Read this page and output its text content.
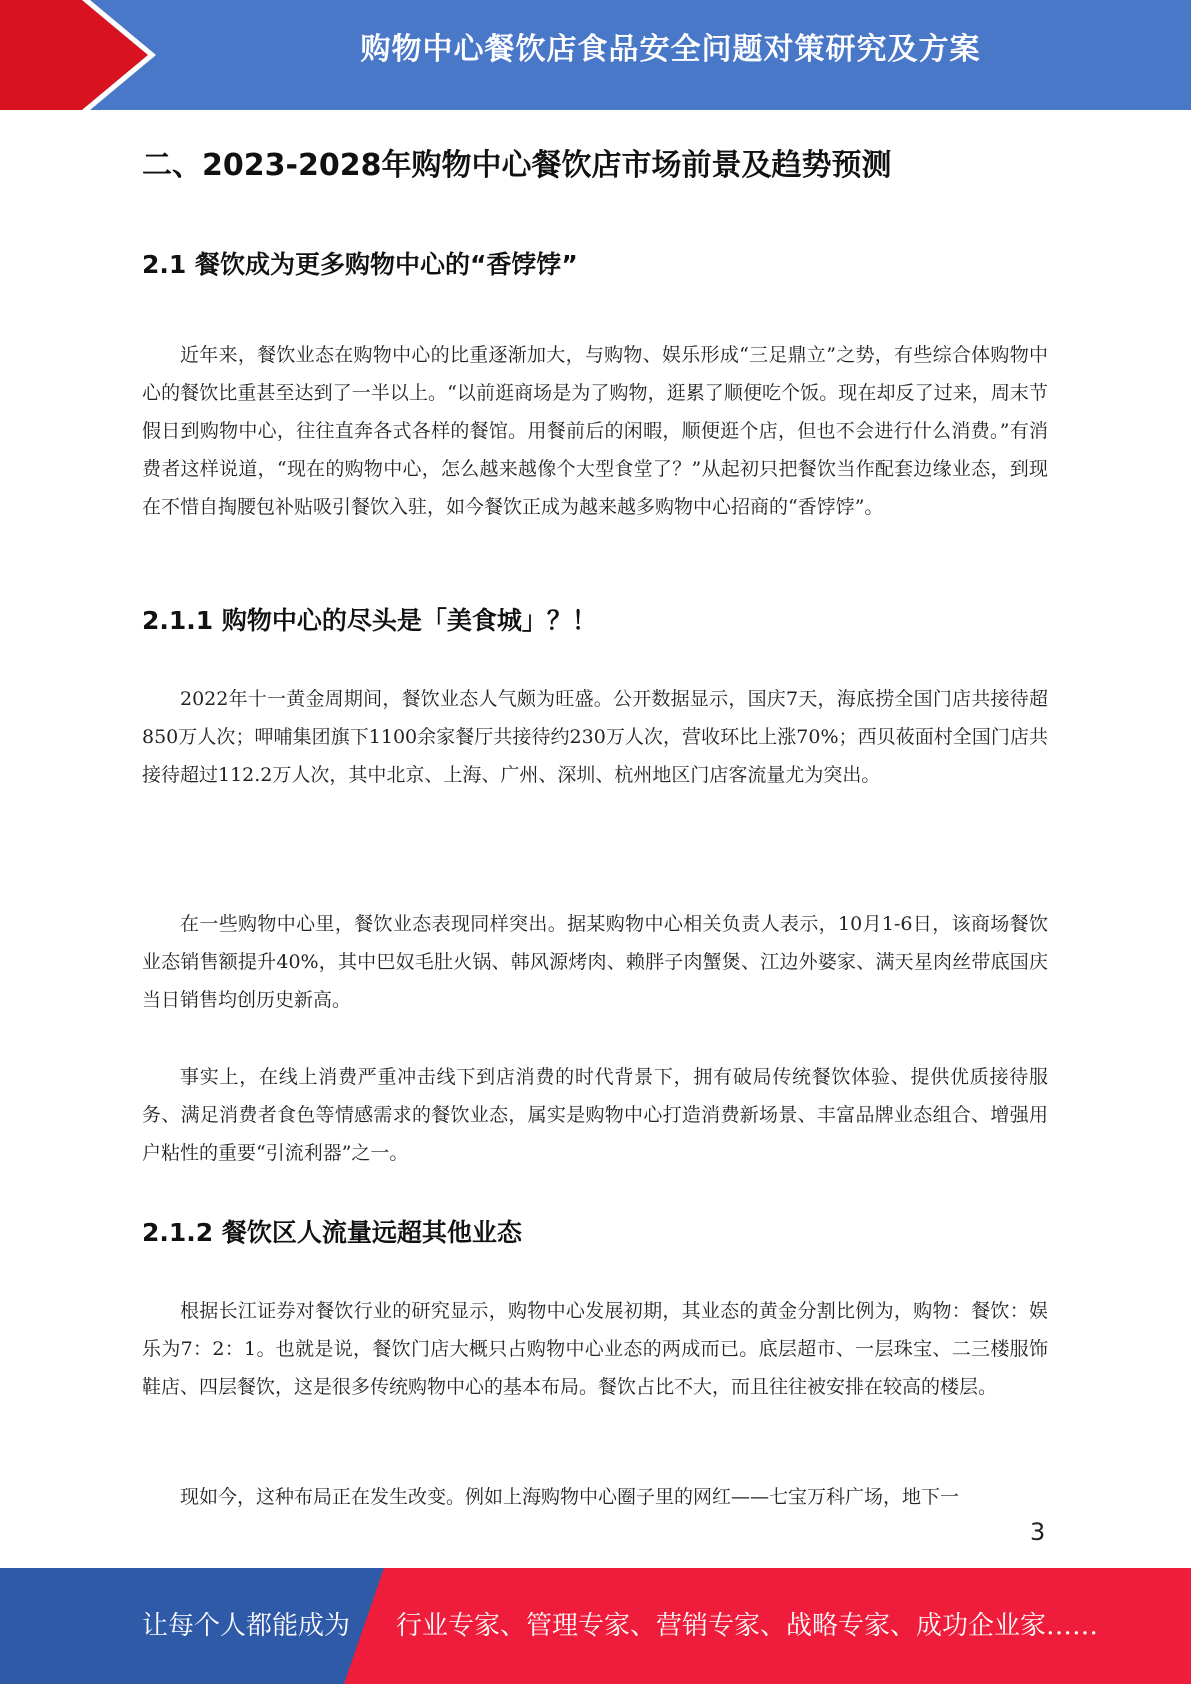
购物中心餐饮店食品安全问题对策研究及方案
二、2023-2028年购物中心餐饮店市场前景及趋势预测
2.1 餐饮成为更多购物中心的“香饽饽”

近年来，餐饮业态在购物中心的比重逐渐加大，与购物、娱乐形成“三足鼎立”之势，有些综合体购物中心的餐饮比重甚至达到了一半以上。“以前逛商场是为了购物，逛累了顺便吃个饭。现在却反了过来，周末节假日到购物中心，往往直奔各式各样的餐馆。用餐前后的闲暇，顺便逛个店，但也不会进行什么消费。”有消费者这样说道，“现在的购物中心，怎么越来越像个大型食堂了？”从起初只把餐饮当作配套边缘业态，到现在不惜自掏腰包补贴吸引餐饮入驻，如今餐饮正成为越来越多购物中心招商的“香饽饽”。

2.1.1 购物中心的尽头是「美食城」？！

2022年十一黄金周期间，餐饮业态人气颇为旺盛。公开数据显示，国庆7天，海底捞全国门店共接待超850万人次；呷哺集团旗下1100余家餐厅共接待约230万人次，营收环比上涨70%；西贝莜面村全国门店共接待超过112.2万人次，其中北京、上海、广州、深圳、杭州地区门店客流量尤为突出。

在一些购物中心里，餐饮业态表现同样突出。据某购物中心相关负责人表示，10月1-6日，该商场餐饮业态销售额提升40%，其中巴奴毛肚火锅、韩风源烤肉、赖胖子肉蟹煲、江边外婆家、满天星肉丝带底国庆当日销售均创历史新高。

事实上，在线上消费严重冲击线下到店消费的时代背景下，拥有破局传统餐饮体验、提供优质接待服务、满足消费者食色等情感需求的餐饮业态，属实是购物中心打造消费新场景、丰富品牌业态组合、增强用户粘性的重要“引流利器”之一。

2.1.2 餐饮区人流量远超其他业态

根据长江证券对餐饮行业的研究显示，购物中心发展初期，其业态的黄金分割比例为，购物：餐饮：娱乐为7：2：1。也就是说，餐饮门店大概只占购物中心业态的两成而已。底层超市、一层珠宝、二三楼服饰鞋店、四层餐饮，这是很多传统购物中心的基本布局。餐饮占比不大，而且往往被安排在较高的楼层。

现如今，这种布局正在发生改变。例如上海购物中心圈子里的网红——七宝万科广场，地下一

3
让每个人都能成为 行业专家、管理专家、营销专家、战略专家、成功企业家……
